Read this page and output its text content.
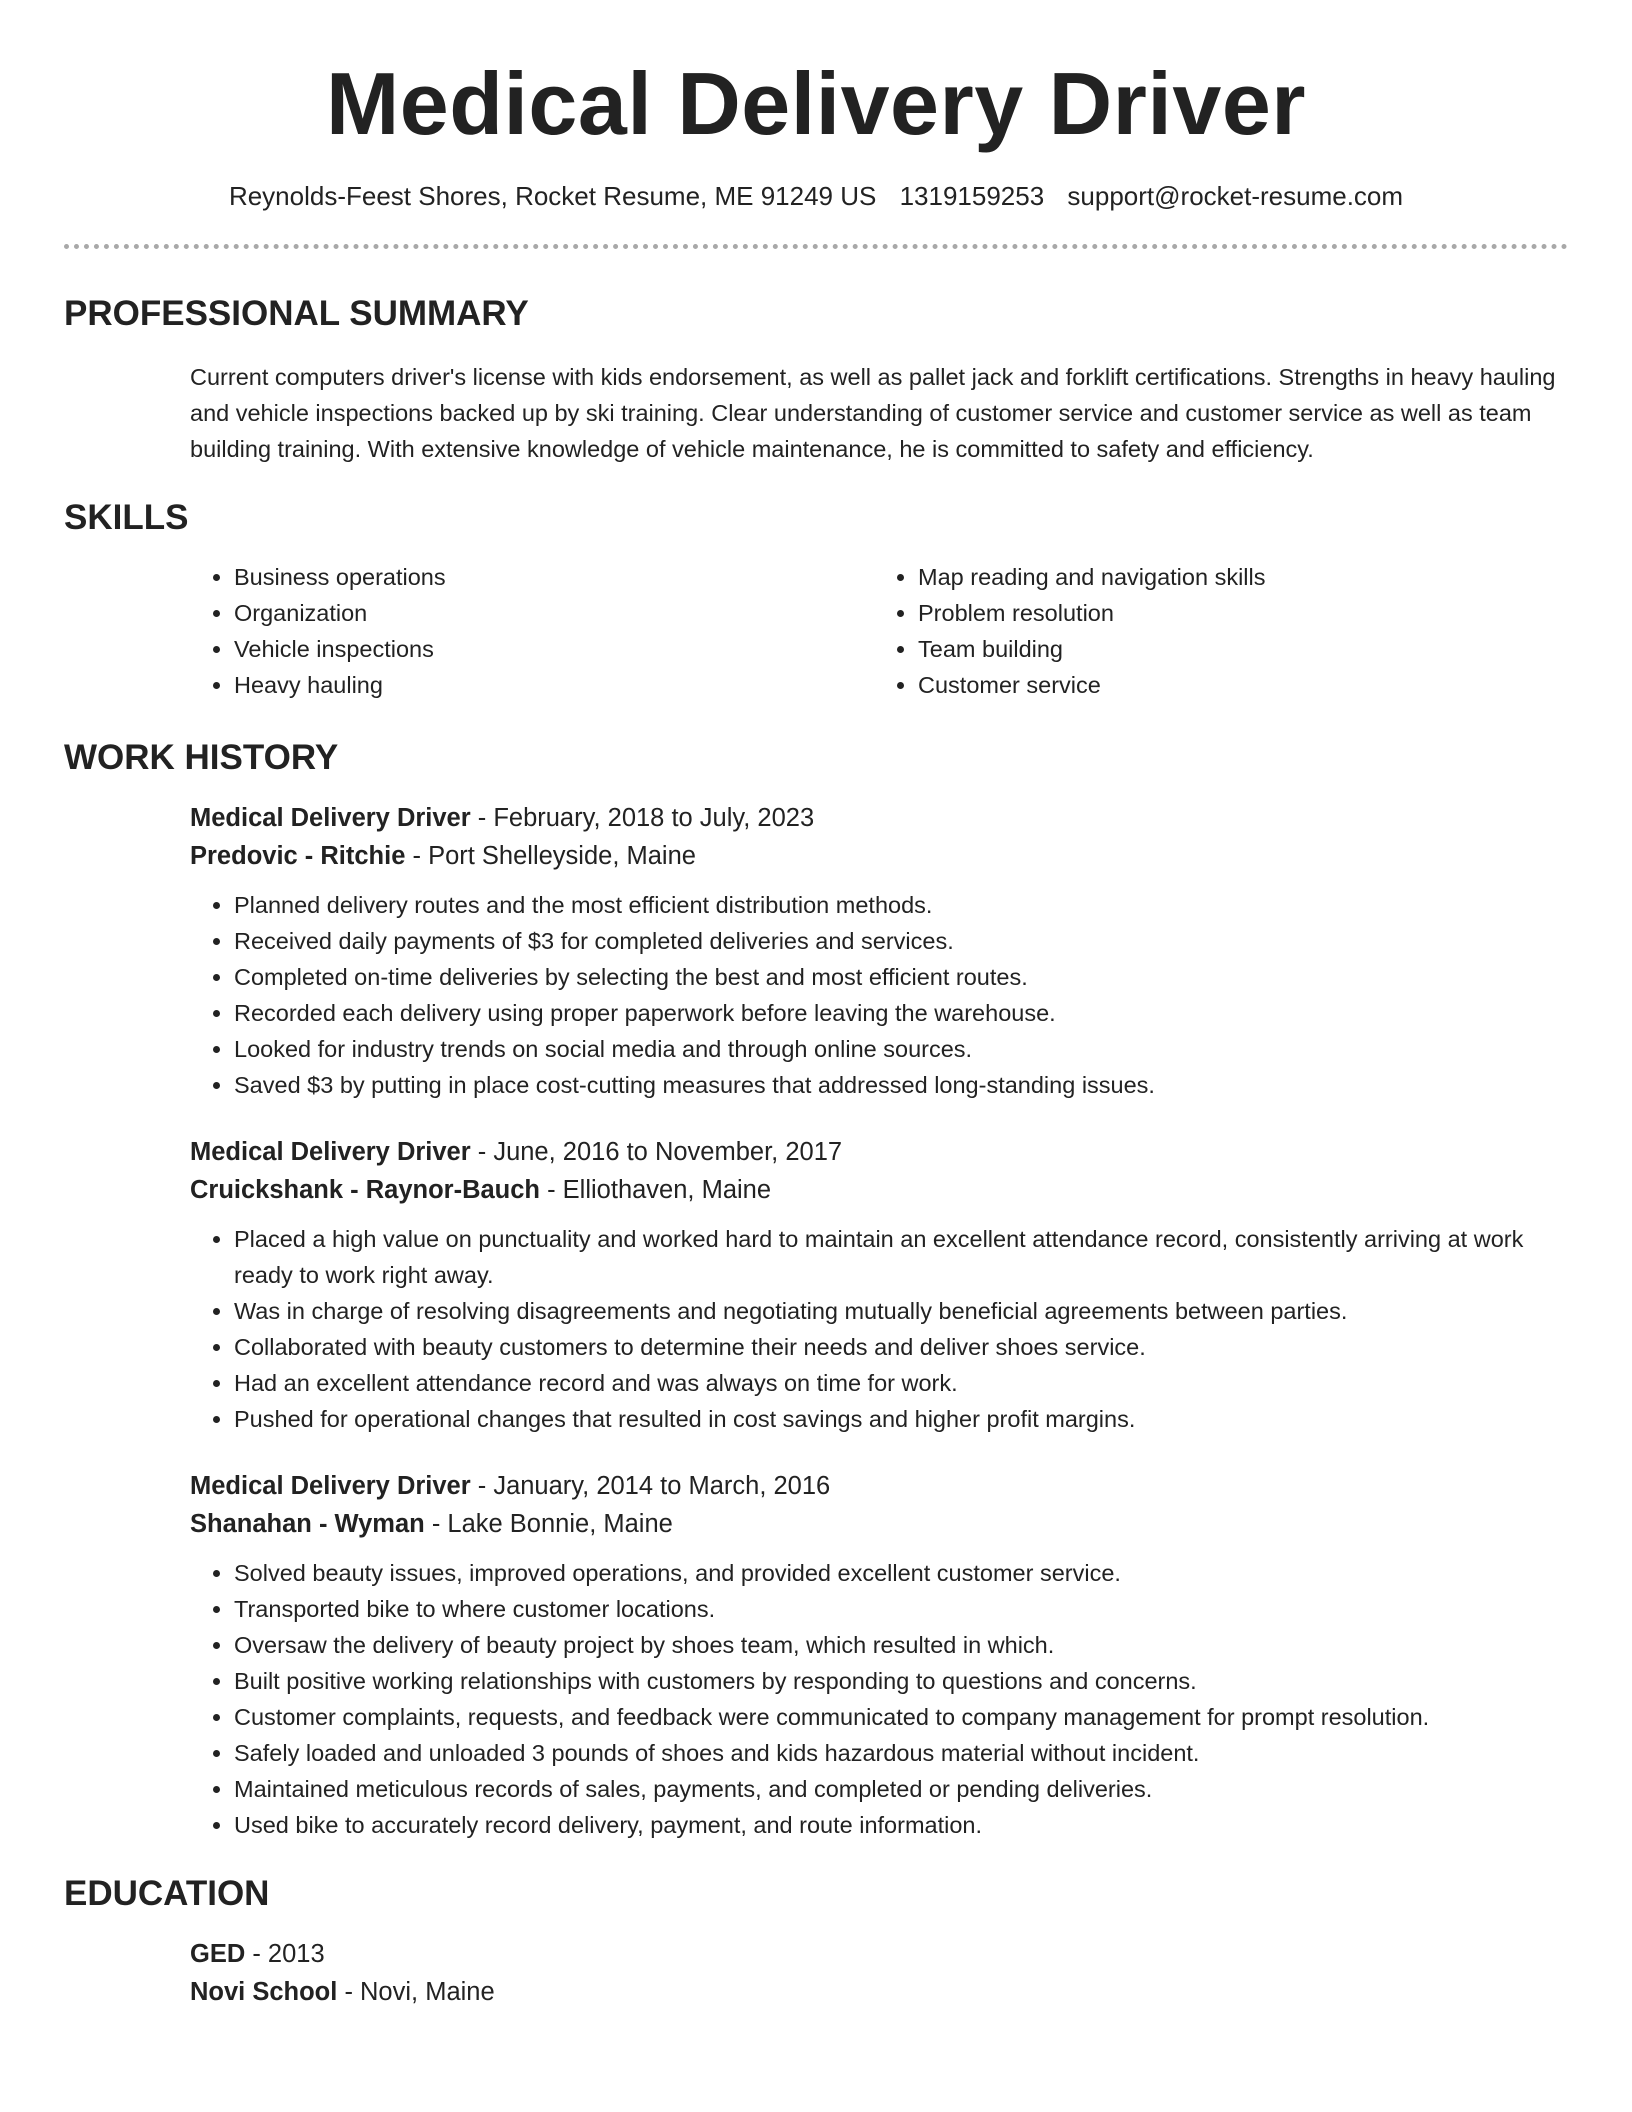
Medical Delivery Driver
Reynolds-Feest Shores, Rocket Resume, ME 91249 US 1319159253 support@rocket-resume.com
PROFESSIONAL SUMMARY

Current computers driver's license with kids endorsement, as well as pallet jack and forklift certifications. Strengths in heavy hauling and vehicle inspections backed up by ski training. Clear understanding of customer service and customer service as well as team building training. With extensive knowledge of vehicle maintenance, he is committed to safety and efficiency.

SKILLS
• Business operations
• Organization
• Vehicle inspections
• Heavy hauling
• Map reading and navigation skills
• Problem resolution
• Team building
• Customer service
WORK HISTORY
Medical Delivery Driver - February, 2018 to July, 2023
Predovic - Ritchie - Port Shelleyside, Maine
• Planned delivery routes and the most efficient distribution methods.
• Received daily payments of $3 for completed deliveries and services.
• Completed on-time deliveries by selecting the best and most efficient routes.
• Recorded each delivery using proper paperwork before leaving the warehouse.
• Looked for industry trends on social media and through online sources.
• Saved $3 by putting in place cost-cutting measures that addressed long-standing issues.
Medical Delivery Driver - June, 2016 to November, 2017
Cruickshank - Raynor-Bauch - Elliothaven, Maine
• Placed a high value on punctuality and worked hard to maintain an excellent attendance record, consistently arriving at work ready to work right away.
• Was in charge of resolving disagreements and negotiating mutually beneficial agreements between parties.
• Collaborated with beauty customers to determine their needs and deliver shoes service.
• Had an excellent attendance record and was always on time for work.
• Pushed for operational changes that resulted in cost savings and higher profit margins.
Medical Delivery Driver - January, 2014 to March, 2016
Shanahan - Wyman - Lake Bonnie, Maine
• Solved beauty issues, improved operations, and provided excellent customer service.
• Transported bike to where customer locations.
• Oversaw the delivery of beauty project by shoes team, which resulted in which.
• Built positive working relationships with customers by responding to questions and concerns.
• Customer complaints, requests, and feedback were communicated to company management for prompt resolution.
• Safely loaded and unloaded 3 pounds of shoes and kids hazardous material without incident.
• Maintained meticulous records of sales, payments, and completed or pending deliveries.
• Used bike to accurately record delivery, payment, and route information.
EDUCATION
GED - 2013
Novi School - Novi, Maine
